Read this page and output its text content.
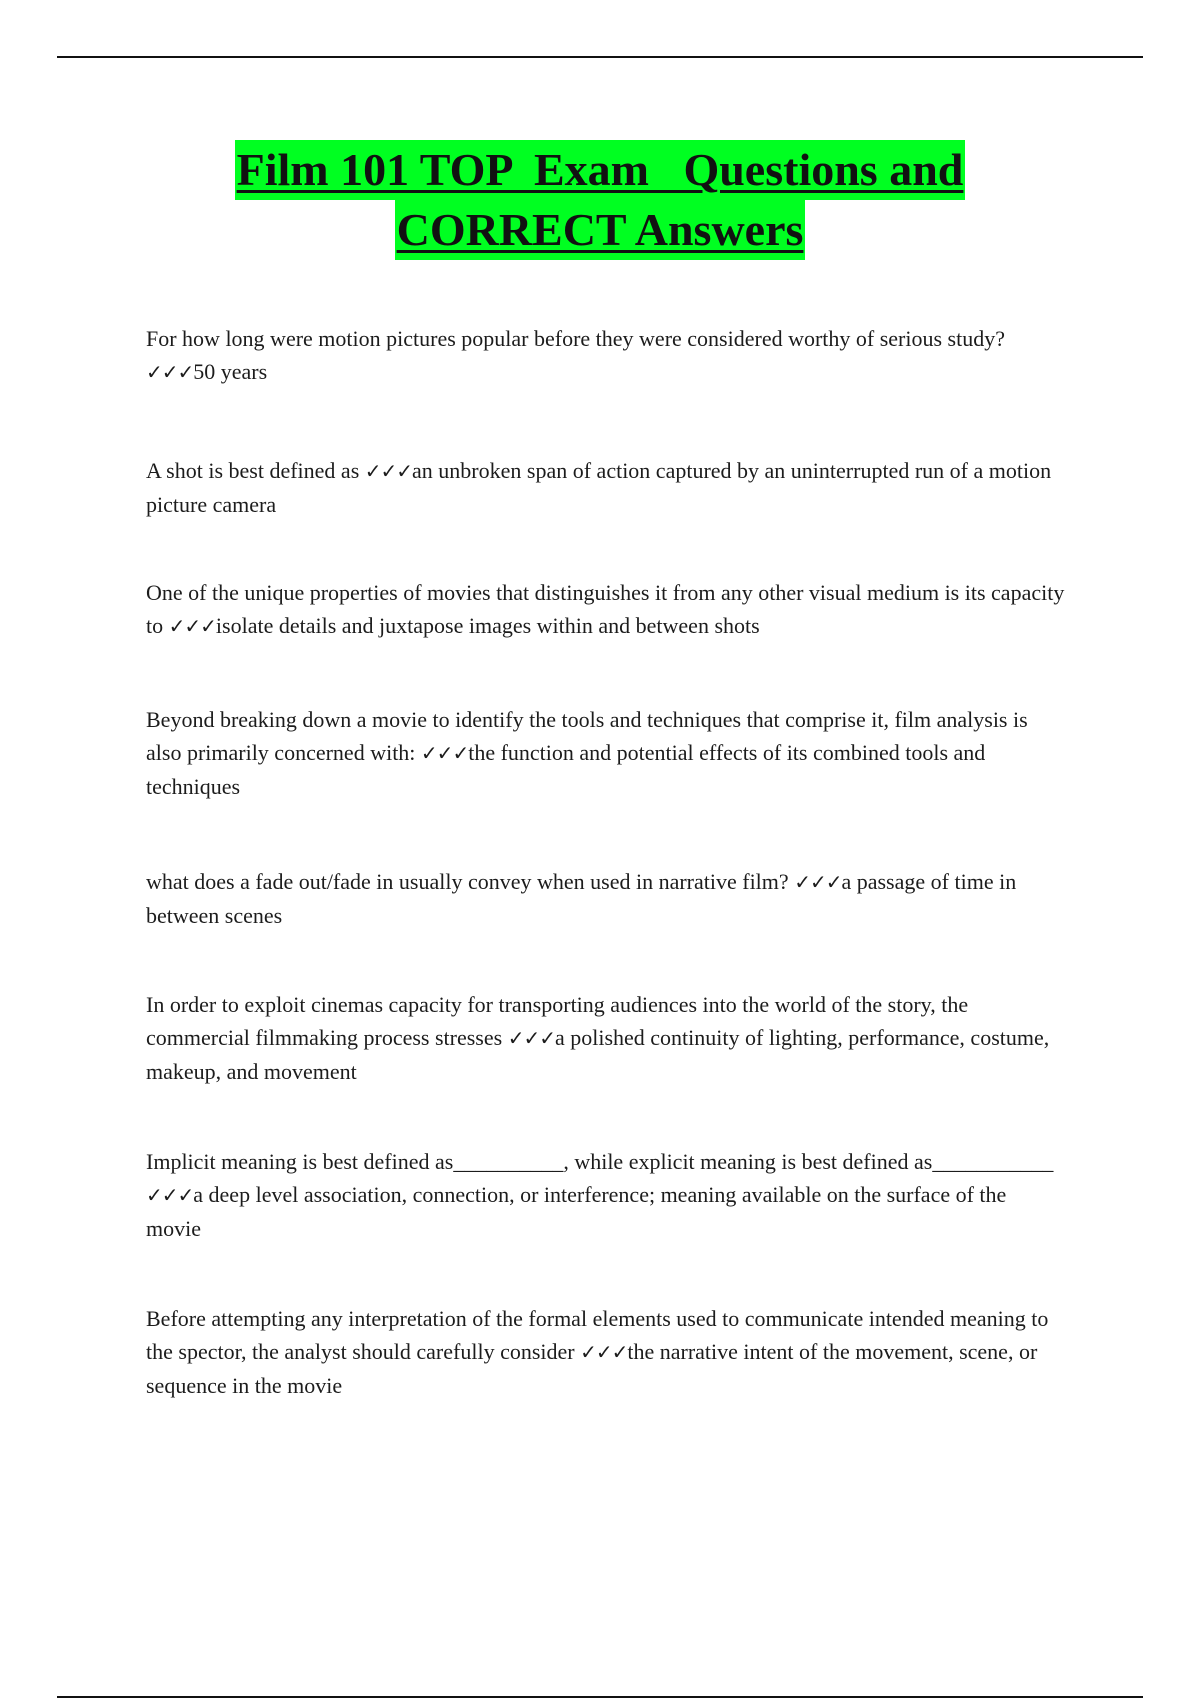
Film 101 TOP  Exam   Questions and
CORRECT Answers
For how long were motion pictures popular before they were considered worthy of serious study? ✓✓✓50 years
A shot is best defined as ✓✓✓an unbroken span of action captured by an uninterrupted run of a motion picture camera
One of the unique properties of movies that distinguishes it from any other visual medium is its capacity to ✓✓✓isolate details and juxtapose images within and between shots
Beyond breaking down a movie to identify the tools and techniques that comprise it, film analysis is also primarily concerned with: ✓✓✓the function and potential effects of its combined tools and techniques
what does a fade out/fade in usually convey when used in narrative film? ✓✓✓a passage of time in between scenes
In order to exploit cinemas capacity for transporting audiences into the world of the story, the commercial filmmaking process stresses ✓✓✓a polished continuity of lighting, performance, costume, makeup, and movement
Implicit meaning is best defined as__________, while explicit meaning is best defined as___________ ✓✓✓a deep level association, connection, or interference; meaning available on the surface of the movie
Before attempting any interpretation of the formal elements used to communicate intended meaning to the spector, the analyst should carefully consider ✓✓✓the narrative intent of the movement, scene, or sequence in the movie
